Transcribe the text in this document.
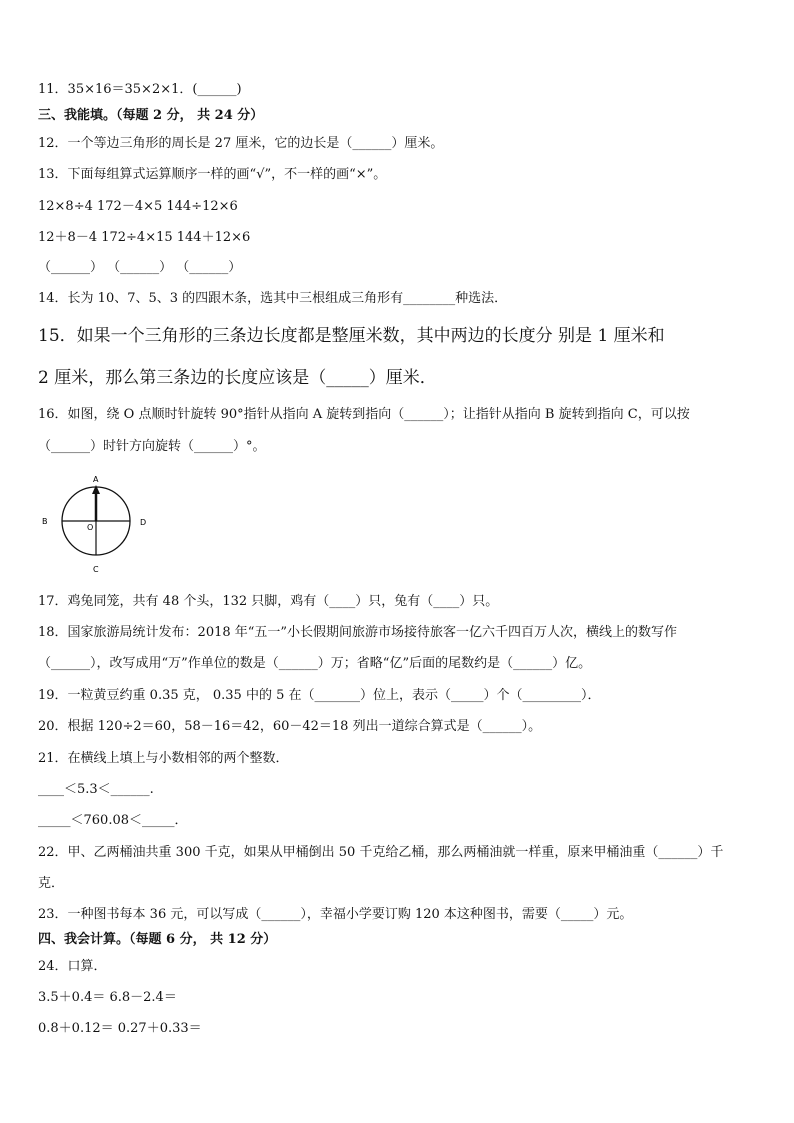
11．35×16＝35×2×1．(______)
三、我能填。（每题 2 分， 共 24 分）
12．一个等边三角形的周长是 27 厘米，它的边长是（______）厘米。
13．下面每组算式运算顺序一样的画“√”，不一样的画“×”。
12×8÷4 172－4×5 144÷12×6
12＋8－4 172÷4×15 144＋12×6
（______） （______） （______）
14．长为 10、7、5、3 的四跟木条，选其中三根组成三角形有________种选法．
15．如果一个三角形的三条边长度都是整厘米数，其中两边的长度分 别是 1 厘米和
2 厘米，那么第三条边的长度应该是（_____）厘米．
16．如图，绕 O 点顺时针旋转 90°指针从指向 A 旋转到指向（______）；让指针从指向 B 旋转到指向 C，可以按
（______）时针方向旋转（______）°。
A
B
O
D
C
17．鸡兔同笼，共有 48 个头，132 只脚，鸡有（____）只，兔有（____）只。
18．国家旅游局统计发布：2018 年“五一”小长假期间旅游市场接待旅客一亿六千四百万人次，横线上的数写作
（______），改写成用“万”作单位的数是（______）万；省略“亿”后面的尾数约是（______）亿。
19．一粒黄豆约重 0.35 克， 0.35 中的 5 在（_______）位上，表示（_____）个（_________）．
20．根据 120÷2＝60，58－16＝42，60－42＝18 列出一道综合算式是（______）。
21．在横线上填上与小数相邻的两个整数．
____＜5.3＜______.
_____＜760.08＜_____．
22．甲、乙两桶油共重 300 千克，如果从甲桶倒出 50 千克给乙桶，那么两桶油就一样重，原来甲桶油重（______）千
克．
23．一种图书每本 36 元，可以写成（______），幸福小学要订购 120 本这种图书，需要（_____）元。
四、我会计算。（每题 6 分， 共 12 分）
24．口算．
3.5＋0.4＝ 6.8－2.4＝
0.8＋0.12＝ 0.27＋0.33＝
